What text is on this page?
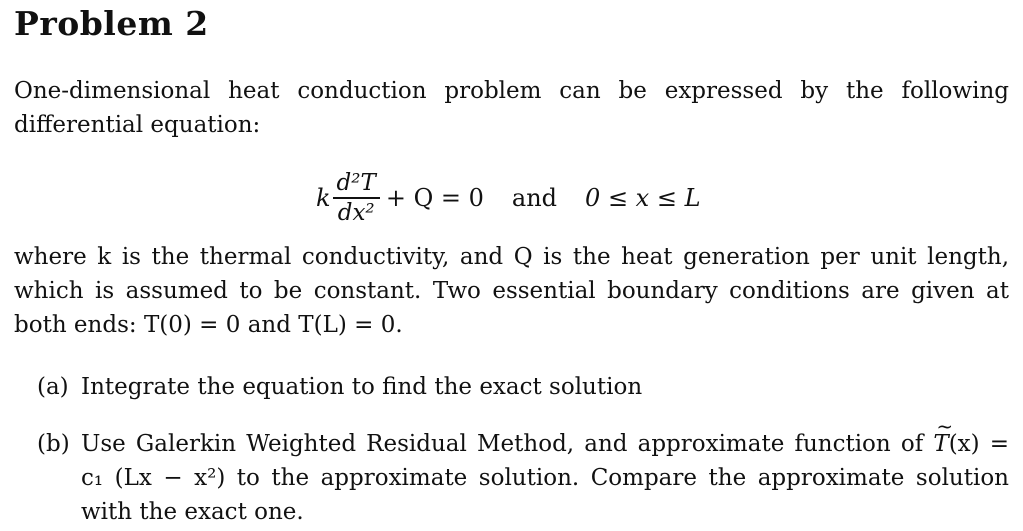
Problem 2

One-dimensional heat conduction problem can be expressed by the following differential equation:

k $\frac{\text{d²T}}{\text{dx²}} + Q = 0$ and 0 ≤ x ≤ L

where k is the thermal conductivity, and Q is the heat generation per unit length, which is assumed to be constant. Two essential boundary conditions are given at both ends: T(0) = 0 and T(L) = 0.

(a) Integrate the equation to find the exact solution
(b) Use Galerkin Weighted Residual Method, and approximate function of ~ T(x) = c₁ (Lx − x²) to the approximate solution. Compare the approximate solution with the exact one.
